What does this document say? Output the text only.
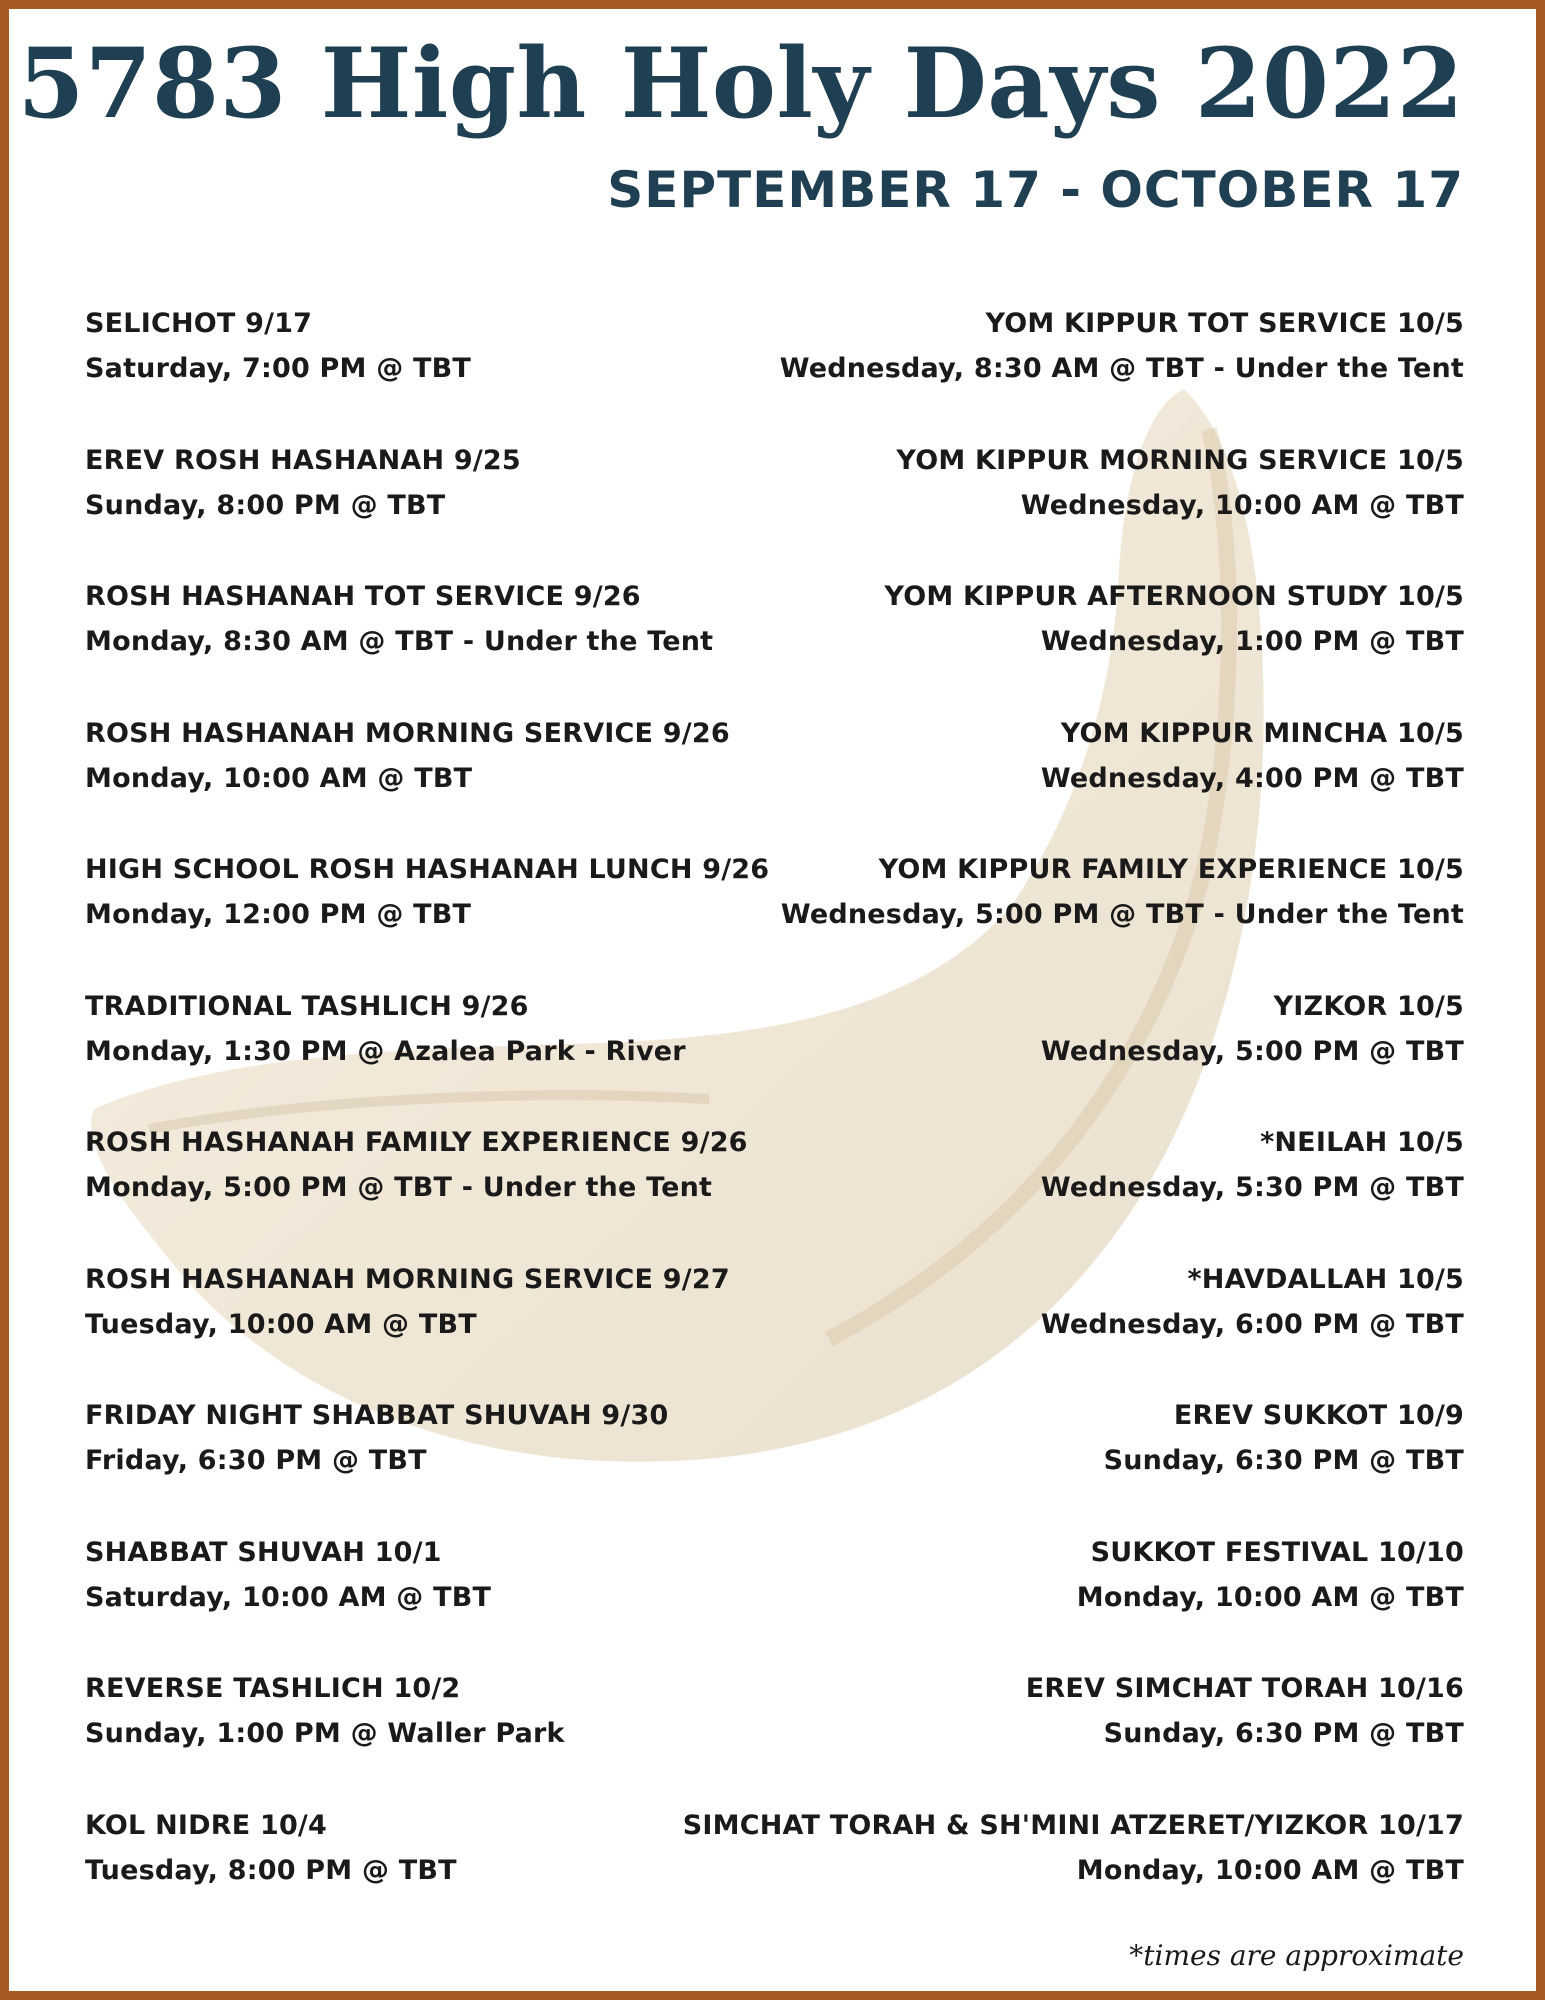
5783 High Holy Days 2022
SEPTEMBER 17 - OCTOBER 17
SELICHOT 9/17
Saturday, 7:00 PM @ TBT
EREV ROSH HASHANAH 9/25
Sunday, 8:00 PM @ TBT
ROSH HASHANAH TOT SERVICE 9/26
Monday, 8:30 AM @ TBT - Under the Tent
ROSH HASHANAH MORNING SERVICE 9/26
Monday, 10:00 AM @ TBT
HIGH SCHOOL ROSH HASHANAH LUNCH 9/26
Monday, 12:00 PM @ TBT
TRADITIONAL TASHLICH 9/26
Monday, 1:30 PM @ Azalea Park - River
ROSH HASHANAH FAMILY EXPERIENCE 9/26
Monday, 5:00 PM @ TBT - Under the Tent
ROSH HASHANAH MORNING SERVICE 9/27
Tuesday, 10:00 AM @ TBT
FRIDAY NIGHT SHABBAT SHUVAH 9/30
Friday, 6:30 PM @ TBT
SHABBAT SHUVAH 10/1
Saturday, 10:00 AM @ TBT
REVERSE TASHLICH 10/2
Sunday, 1:00 PM @ Waller Park
KOL NIDRE 10/4
Tuesday, 8:00 PM @ TBT
YOM KIPPUR TOT SERVICE 10/5
Wednesday, 8:30 AM @ TBT - Under the Tent
YOM KIPPUR MORNING SERVICE 10/5
Wednesday, 10:00 AM @ TBT
YOM KIPPUR AFTERNOON STUDY 10/5
Wednesday, 1:00 PM @ TBT
YOM KIPPUR MINCHA 10/5
Wednesday, 4:00 PM @ TBT
YOM KIPPUR FAMILY EXPERIENCE 10/5
Wednesday, 5:00 PM @ TBT - Under the Tent
YIZKOR 10/5
Wednesday, 5:00 PM @ TBT
*NEILAH 10/5
Wednesday, 5:30 PM @ TBT
*HAVDALLAH 10/5
Wednesday, 6:00 PM @ TBT
EREV SUKKOT 10/9
Sunday, 6:30 PM @ TBT
SUKKOT FESTIVAL 10/10
Monday, 10:00 AM @ TBT
EREV SIMCHAT TORAH 10/16
Sunday, 6:30 PM @ TBT
SIMCHAT TORAH & SH'MINI ATZERET/YIZKOR 10/17
Monday, 10:00 AM @ TBT
*times are approximate
